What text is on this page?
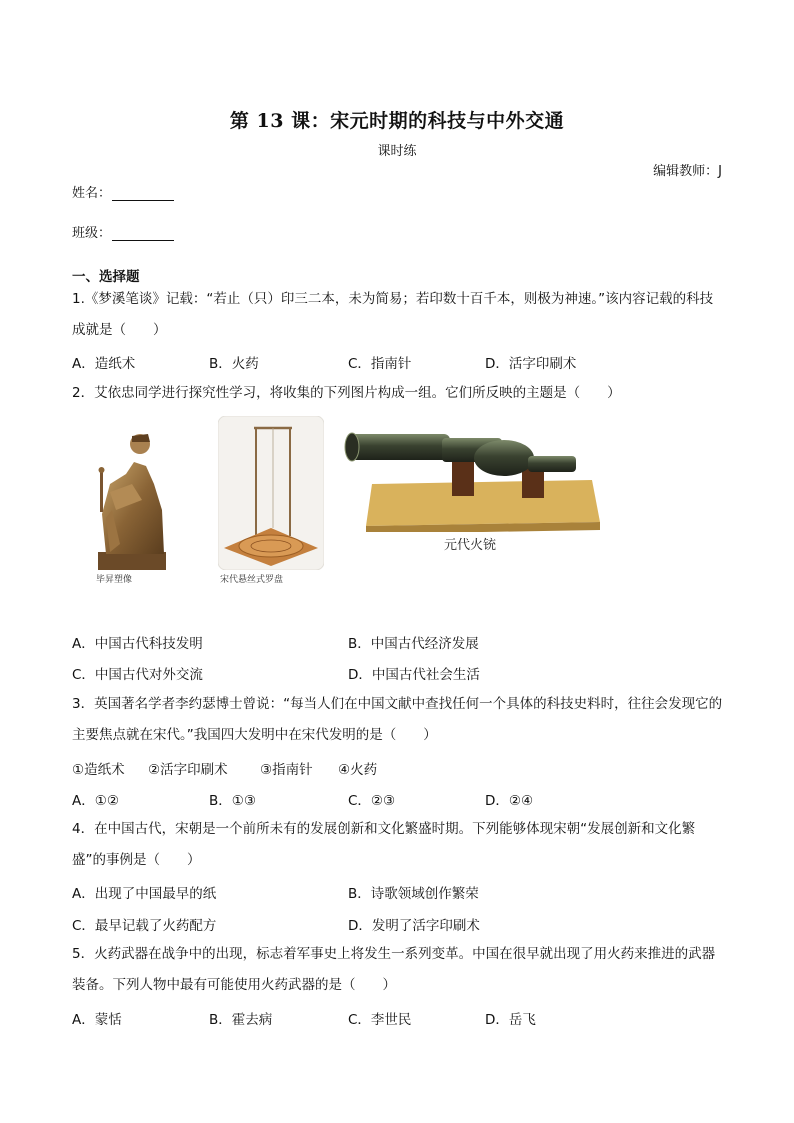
第 13 课：宋元时期的科技与中外交通
课时练
编辑教师：J
姓名：
班级：
一、选择题
1.《梦溪笔谈》记载：“若止（只）印三二本，未为简易；若印数十百千本，则极为神速。”该内容记载的科技成就是（　　）
A．造纸术	B．火药	C．指南针	D．活字印刷术
2．艾依忠同学进行探究性学习，将收集的下列图片构成一组。它们所反映的主题是（　　）
毕昇塑像	宋代悬丝式罗盘
元代火铳
A．中国古代科技发明	B．中国古代经济发展
C．中国古代对外交流	D．中国古代社会生活
3．英国著名学者李约瑟博士曾说：“每当人们在中国文献中查找任何一个具体的科技史料时，往往会发现它的主要焦点就在宋代。”我国四大发明中在宋代发明的是（　　）
①造纸术 ②活字印刷术 ③指南针 ④火药
A．①②	B．①③	C．②③	D．②④
4．在中国古代，宋朝是一个前所未有的发展创新和文化繁盛时期。下列能够体现宋朝“发展创新和文化繁盛”的事例是（　　）
A．出现了中国最早的纸	B．诗歌领域创作繁荣
C．最早记载了火药配方	D．发明了活字印刷术
5．火药武器在战争中的出现，标志着军事史上将发生一系列变革。中国在很早就出现了用火药来推进的武器装备。下列人物中最有可能使用火药武器的是（　　）
A．蒙恬	B．霍去病	C．李世民	D．岳飞
